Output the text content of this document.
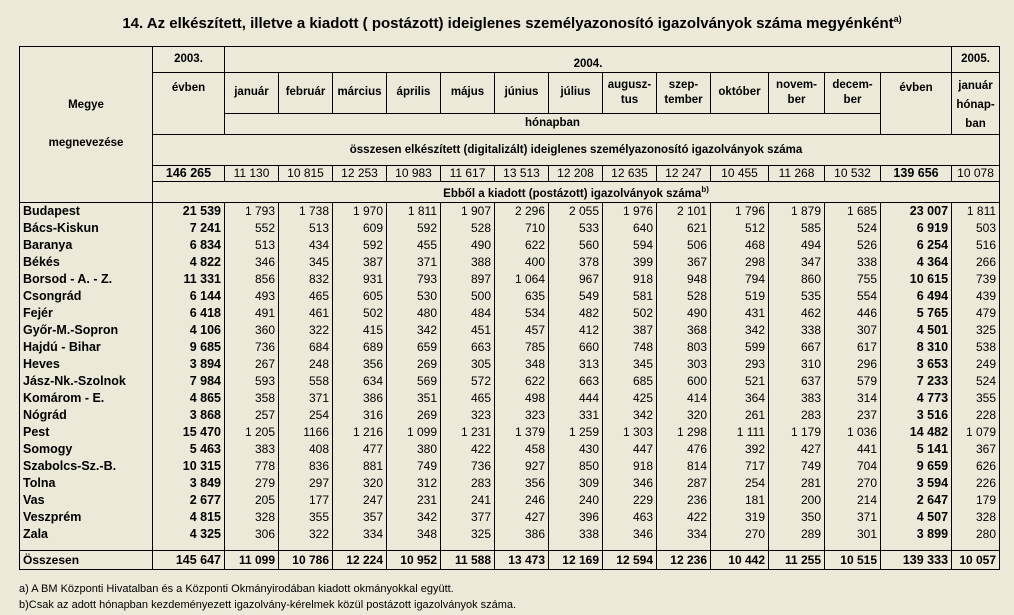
14. Az elkészített, illetve a kiadott ( postázott) ideiglenes személyazonosító igazolványok száma megyénként$^{a)}$
Megye
megnevezése	2003.	2004.													2005.
	évben	január	február	március	április	május	június	július	augusz-tus	szep-tember	október	novem-ber	decem-ber	évben	január hónap-ban
		hónapban													
	összesen elkészített (digitalizált) ideiglenes személyazonosító igazolványok száma														
	146 265	11 130	10 815	12 253	10 983	11 617	13 513	12 208	12 635	12 247	10 455	11 268	10 532	139 656	10 078
	Ebből a kiadott (postázott) igazolványok száma$^{b)}$
Budapest	21 539	1 793	1 738	1 970	1 811	1 907	2 296	2 055	1 976	2 101	1 796	1 879	1 685	23 007	1 811
Bács-Kiskun	7 241	552	513	609	592	528	710	533	640	621	512	585	524	6 919	503
Baranya	6 834	513	434	592	455	490	622	560	594	506	468	494	526	6 254	516
Békés	4 822	346	345	387	371	388	400	378	399	367	298	347	338	4 364	266
Borsod - A. - Z.	11 331	856	832	931	793	897	1 064	967	918	948	794	860	755	10 615	739
Csongrád	6 144	493	465	605	530	500	635	549	581	528	519	535	554	6 494	439
Fejér	6 418	491	461	502	480	484	534	482	502	490	431	462	446	5 765	479
Győr-M.-Sopron	4 106	360	322	415	342	451	457	412	387	368	342	338	307	4 501	325
Hajdú - Bihar	9 685	736	684	689	659	663	785	660	748	803	599	667	617	8 310	538
Heves	3 894	267	248	356	269	305	348	313	345	303	293	310	296	3 653	249
Jász-Nk.-Szolnok	7 984	593	558	634	569	572	622	663	685	600	521	637	579	7 233	524
Komárom - E.	4 865	358	371	386	351	465	498	444	425	414	364	383	314	4 773	355
Nógrád	3 868	257	254	316	269	323	323	331	342	320	261	283	237	3 516	228
Pest	15 470	1 205	1166	1 216	1 099	1 231	1 379	1 259	1 303	1 298	1 111	1 179	1 036	14 482	1 079
Somogy	5 463	383	408	477	380	422	458	430	447	476	392	427	441	5 141	367
Szabolcs-Sz.-B.	10 315	778	836	881	749	736	927	850	918	814	717	749	704	9 659	626
Tolna	3 849	279	297	320	312	283	356	309	346	287	254	281	270	3 594	226
Vas	2 677	205	177	247	231	241	246	240	229	236	181	200	214	2 647	179
Veszprém	4 815	328	355	357	342	377	427	396	463	422	319	350	371	4 507	328
Zala	4 325	306	322	334	348	325	386	338	346	334	270	289	301	3 899	280

Összesen	145 647	11 099	10 786	12 224	10 952	11 588	13 473	12 169	12 594	12 236	10 442	11 255	10 515	139 333	10 057
a) A BM Központi Hivatalban és a Központi Okmányirodában kiadott okmányokkal együtt.
b)Csak az adott hónapban kezdeményezett igazolvány-kérelmek közül postázott igazolványok száma.
